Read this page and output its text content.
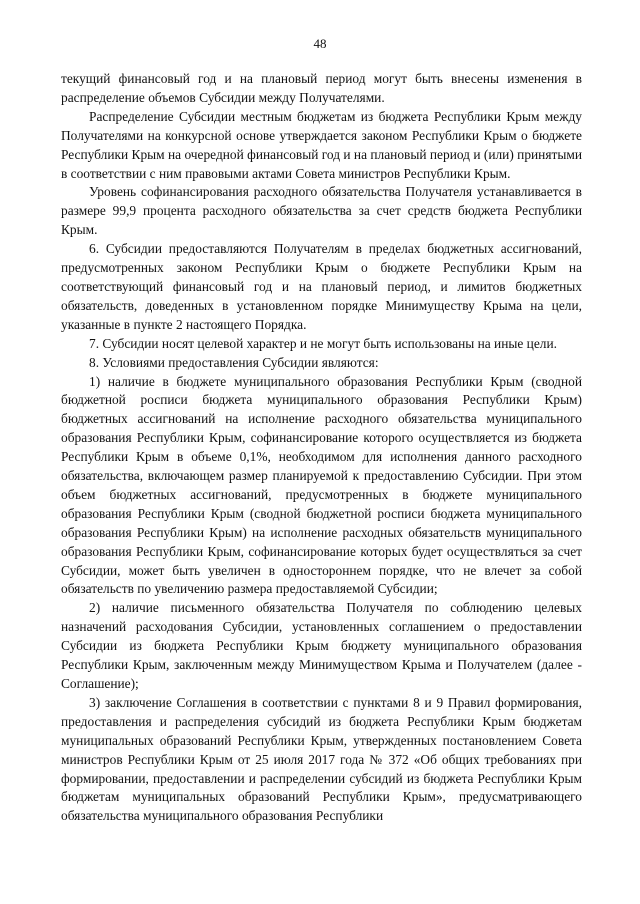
48

текущий финансовый год и на плановый период могут быть внесены изменения в распределение объемов Субсидии между Получателями.

Распределение Субсидии местным бюджетам из бюджета Республики Крым между Получателями на конкурсной основе утверждается законом Республики Крым о бюджете Республики Крым на очередной финансовый год и на плановый период и (или) принятыми в соответствии с ним правовыми актами Совета министров Республики Крым.

Уровень софинансирования расходного обязательства Получателя устанавливается в размере 99,9 процента расходного обязательства за счет средств бюджета Республики Крым.

6. Субсидии предоставляются Получателям в пределах бюджетных ассигнований, предусмотренных законом Республики Крым о бюджете Республики Крым на соответствующий финансовый год и на плановый период, и лимитов бюджетных обязательств, доведенных в установленном порядке Минимуществу Крыма на цели, указанные в пункте 2 настоящего Порядка.

7. Субсидии носят целевой характер и не могут быть использованы на иные цели.

8. Условиями предоставления Субсидии являются:

1) наличие в бюджете муниципального образования Республики Крым (сводной бюджетной росписи бюджета муниципального образования Республики Крым) бюджетных ассигнований на исполнение расходного обязательства муниципального образования Республики Крым, софинансирование которого осуществляется из бюджета Республики Крым в объеме 0,1%, необходимом для исполнения данного расходного обязательства, включающем размер планируемой к предоставлению Субсидии. При этом объем бюджетных ассигнований, предусмотренных в бюджете муниципального образования Республики Крым (сводной бюджетной росписи бюджета муниципального образования Республики Крым) на исполнение расходных обязательств муниципального образования Республики Крым, софинансирование которых будет осуществляться за счет Субсидии, может быть увеличен в одностороннем порядке, что не влечет за собой обязательств по увеличению размера предоставляемой Субсидии;

2) наличие письменного обязательства Получателя по соблюдению целевых назначений расходования Субсидии, установленных соглашением о предоставлении Субсидии из бюджета Республики Крым бюджету муниципального образования Республики Крым, заключенным между Минимуществом Крыма и Получателем (далее - Соглашение);

3) заключение Соглашения в соответствии с пунктами 8 и 9 Правил формирования, предоставления и распределения субсидий из бюджета Республики Крым бюджетам муниципальных образований Республики Крым, утвержденных постановлением Совета министров Республики Крым от 25 июля 2017 года № 372 «Об общих требованиях при формировании, предоставлении и распределении субсидий из бюджета Республики Крым бюджетам муниципальных образований Республики Крым», предусматривающего обязательства муниципального образования Республики
